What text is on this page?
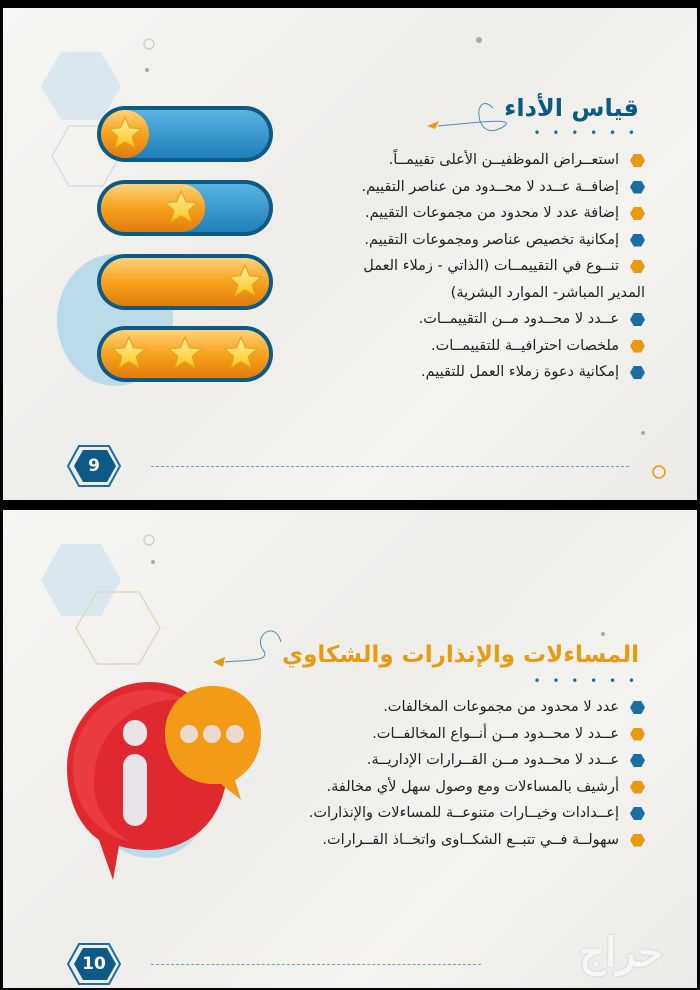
قياس الأداء
• • • • • •
استعــراض الموظفيــن الأعلى تقييمــاً.
إضافــة عــدد لا محــدود من عناصر التقييم.
إضافة عدد لا محدود من مجموعات التقييم.
إمكانية تخصيص عناصر ومجموعات التقييم.
تنــوع في التقييمــات (الذاتي - زملاء العمل
المدير المباشر- الموارد البشرية)
عــدد لا محــدود مــن التقييمــات.
ملخصات احترافيــة للتقييمــات.
إمكانية دعوة زملاء العمل للتقييم.
9
المساءلات والإنذارات والشكاوي
• • • • • •
عدد لا محدود من مجموعات المخالفات.
عــدد لا محــدود مــن أنــواع المخالفــات.
عــدد لا محــدود مــن القــرارات الإداريــة.
أرشيف بالمساءلات ومع وصول سهل لأي مخالفة.
إعــدادات وخيــارات متنوعــة للمساءلات والإنذارات.
سهولــة فــي تتبــع الشكــاوى واتخــاذ القــرارات.
10	حراج
